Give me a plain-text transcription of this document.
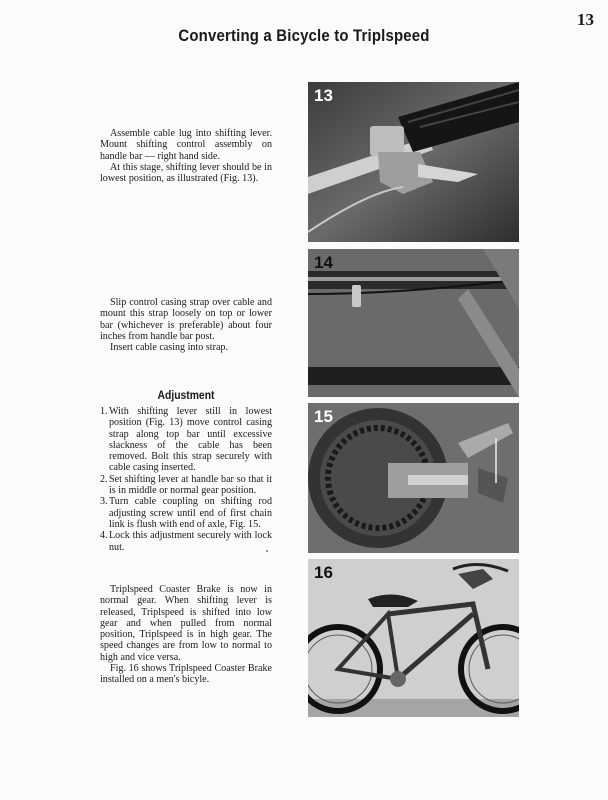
13
Converting a Bicycle to Triplspeed

Assemble cable lug into shifting lever. Mount shifting control assembly on handle bar — right hand side.

At this stage, shifting lever should be in lowest position, as illustrated (Fig. 13).

Slip control casing strap over cable and mount this strap loosely on top or lower bar (whichever is preferable) about four inches from handle bar post.

Insert cable casing into strap.

Adjustment
1. With shifting lever still in lowest position (Fig. 13) move control casing strap along top bar until excessive slackness of the cable has been removed. Bolt this strap securely with cable casing inserted.
2. Set shifting lever at handle bar so that it is in middle or normal gear position.
3. Turn cable coupling on shifting rod adjusting screw until end of first chain link is flush with end of axle, Fig. 15.
4. Lock this adjustment securely with lock nut.

Triplspeed Coaster Brake is now in normal gear. When shifting lever is released, Triplspeed is shifted into low gear and when pulled from normal position, Triplspeed is in high gear. The speed changes are from low to normal to high and vice versa.

Fig. 16 shows Triplspeed Coaster Brake installed on a men's bicyle.

13
14
15
16
